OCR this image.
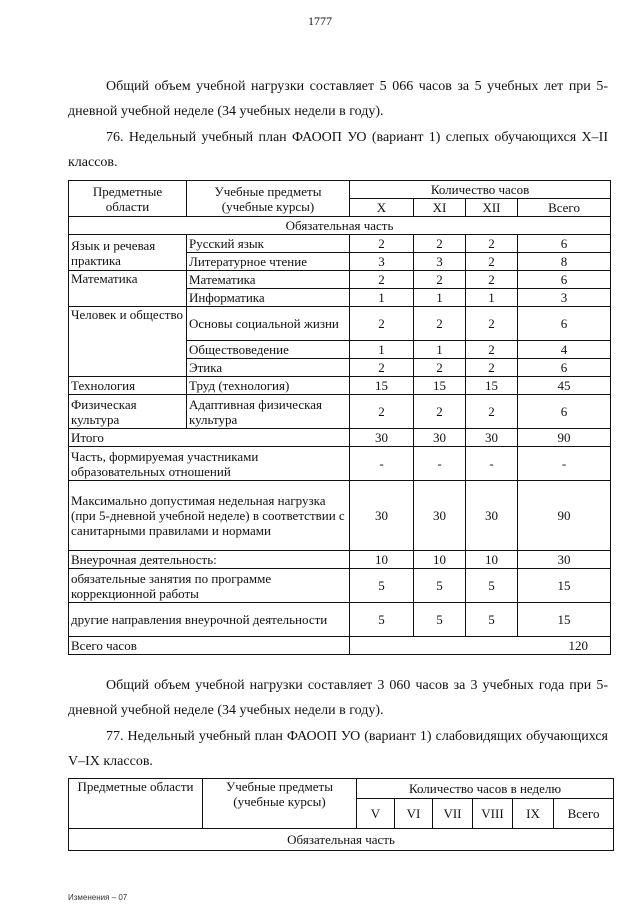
1777
Общий объем учебной нагрузки составляет 5 066 часов за 5 учебных лет при 5-дневной учебной неделе (34 учебных недели в году).
76. Недельный учебный план ФАООП УО (вариант 1) слепых обучающихся X–II классов.
Предметные области	Учебные предметы (учебные курсы)	Количество часов			
		X	XI	XII	Всего
Обязательная часть					
Язык и речевая практика	Русский язык	2	2	2	6
	Литературное чтение	3	3	2	8
Математика	Математика	2	2	2	6
	Информатика	1	1	1	3
Человек и общество	Основы социальной жизни	2	2	2	6
	Обществоведение	1	1	2	4
	Этика	2	2	2	6
Технология	Труд (технология)	15	15	15	45
Физическая культура	Адаптивная физическая культура	2	2	2	6
Итого		30	30	30	90
Часть, формируемая участниками образовательных отношений		-	-	-	-
Максимально допустимая недельная нагрузка (при 5-дневной учебной неделе) в соответствии с санитарными правилами и нормами		30	30	30	90
Внеурочная деятельность:		10	10	10	30
обязательные занятия по программе коррекционной работы		5	5	5	15
другие направления внеурочной деятельности		5	5	5	15
Всего часов		120			
Общий объем учебной нагрузки составляет 3 060 часов за 3 учебных года при 5-дневной учебной неделе (34 учебных недели в году).
77. Недельный учебный план ФАООП УО (вариант 1) слабовидящих обучающихся V–IX классов.
Предметные области	Учебные предметы (учебные курсы)	Количество часов в неделю					
		V	VI	VII	VIII	IX	Всего
Обязательная часть							
Изменения – 07
